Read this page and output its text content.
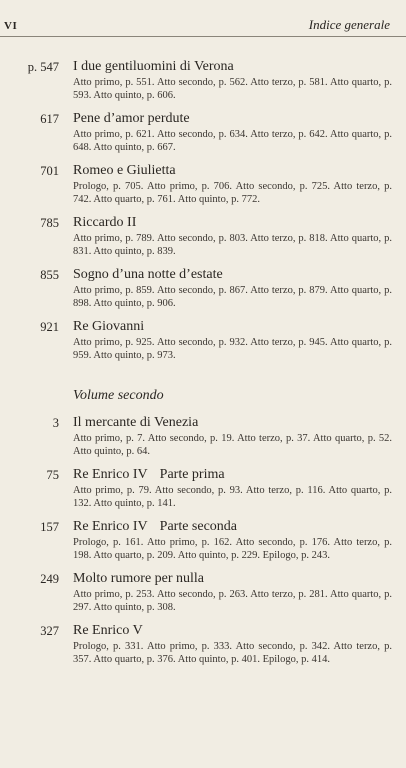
VI	Indice generale
p. 547 I due gentiluomini di Verona
Atto primo, p. 551. Atto secondo, p. 562. Atto terzo, p. 581. Atto quarto, p. 593. Atto quinto, p. 606.
617 Pene d’amor perdute
Atto primo, p. 621. Atto secondo, p. 634. Atto terzo, p. 642. Atto quarto, p. 648. Atto quinto, p. 667.
701 Romeo e Giulietta
Prologo, p. 705. Atto primo, p. 706. Atto secondo, p. 725. Atto terzo, p. 742. Atto quarto, p. 761. Atto quinto, p. 772.
785 Riccardo II
Atto primo, p. 789. Atto secondo, p. 803. Atto terzo, p. 818. Atto quarto, p. 831. Atto quinto, p. 839.
855 Sogno d’una notte d’estate
Atto primo, p. 859. Atto secondo, p. 867. Atto terzo, p. 879. Atto quarto, p. 898. Atto quinto, p. 906.
921 Re Giovanni
Atto primo, p. 925. Atto secondo, p. 932. Atto terzo, p. 945. Atto quarto, p. 959. Atto quinto, p. 973.
Volume secondo
3 Il mercante di Venezia
Atto primo, p. 7. Atto secondo, p. 19. Atto terzo, p. 37. Atto quarto, p. 52. Atto quinto, p. 64.
75 Re Enrico IV Parte prima
Atto primo, p. 79. Atto secondo, p. 93. Atto terzo, p. 116. Atto quarto, p. 132. Atto quinto, p. 141.
157 Re Enrico IV Parte seconda
Prologo, p. 161. Atto primo, p. 162. Atto secondo, p. 176. Atto terzo, p. 198. Atto quarto, p. 209. Atto quinto, p. 229. Epilogo, p. 243.
249 Molto rumore per nulla
Atto primo, p. 253. Atto secondo, p. 263. Atto terzo, p. 281. Atto quarto, p. 297. Atto quinto, p. 308.
327 Re Enrico V
Prologo, p. 331. Atto primo, p. 333. Atto secondo, p. 342. Atto terzo, p. 357. Atto quarto, p. 376. Atto quinto, p. 401. Epilogo, p. 414.
